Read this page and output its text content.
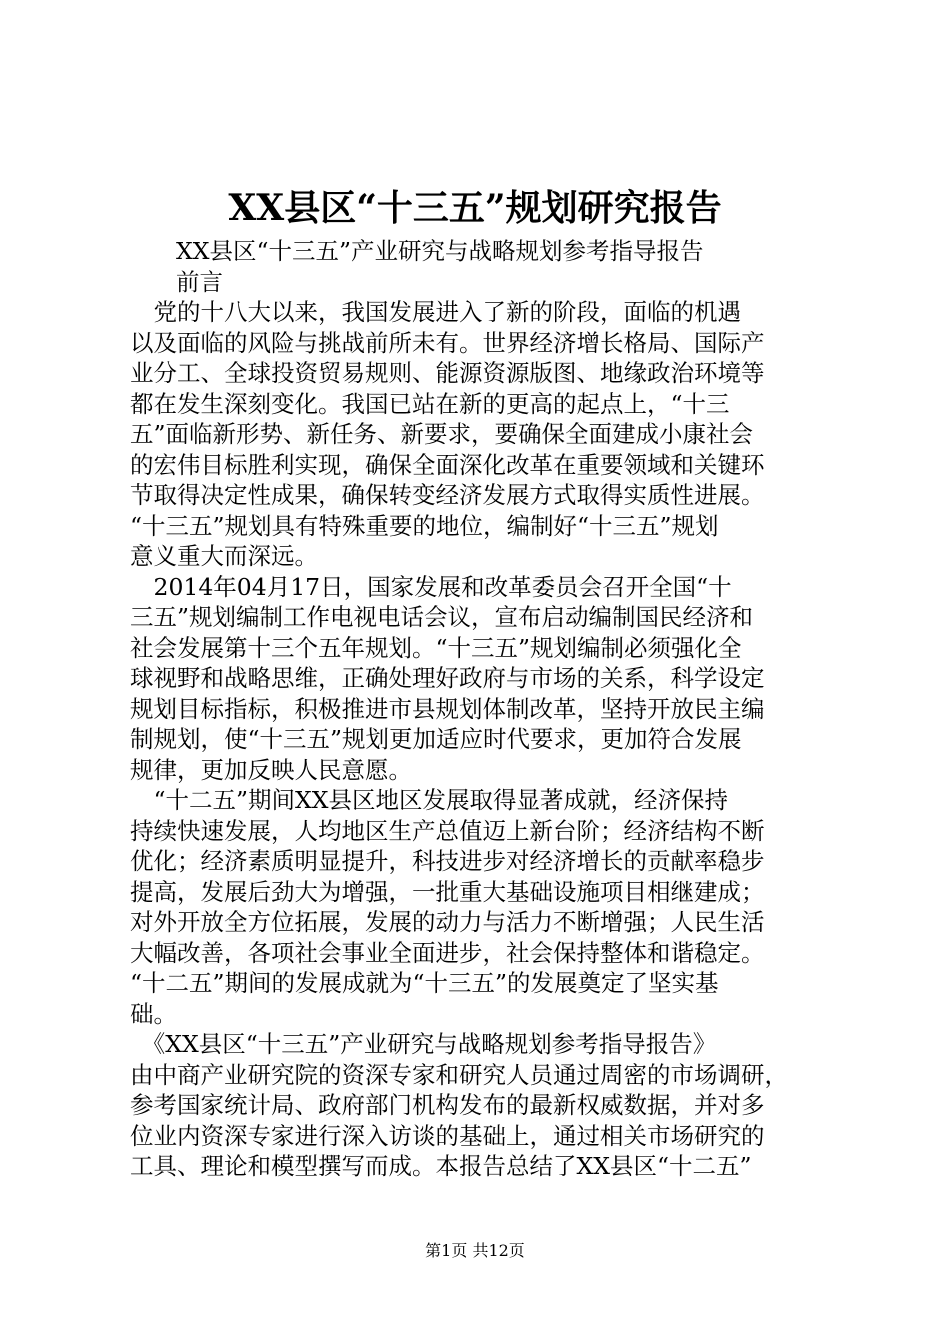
XX县区“十三五”规划研究报告
XX县区“十三五”产业研究与战略规划参考指导报告
前言
　党的十八大以来，我国发展进入了新的阶段，面临的机遇
以及面临的风险与挑战前所未有。世界经济增长格局、国际产
业分工、全球投资贸易规则、能源资源版图、地缘政治环境等
都在发生深刻变化。我国已站在新的更高的起点上，“十三
五”面临新形势、新任务、新要求，要确保全面建成小康社会
的宏伟目标胜利实现，确保全面深化改革在重要领域和关键环
节取得决定性成果，确保转变经济发展方式取得实质性进展。
“十三五”规划具有特殊重要的地位，编制好“十三五”规划
意义重大而深远。
　2014年04月17日，国家发展和改革委员会召开全国“十
三五”规划编制工作电视电话会议，宣布启动编制国民经济和
社会发展第十三个五年规划。“十三五”规划编制必须强化全
球视野和战略思维，正确处理好政府与市场的关系，科学设定
规划目标指标，积极推进市县规划体制改革，坚持开放民主编
制规划，使“十三五”规划更加适应时代要求，更加符合发展
规律，更加反映人民意愿。
　“十二五”期间XX县区地区发展取得显著成就，经济保持
持续快速发展，人均地区生产总值迈上新台阶；经济结构不断
优化；经济素质明显提升，科技进步对经济增长的贡献率稳步
提高，发展后劲大为增强，一批重大基础设施项目相继建成；
对外开放全方位拓展，发展的动力与活力不断增强；人民生活
大幅改善，各项社会事业全面进步，社会保持整体和谐稳定。
“十二五”期间的发展成就为“十三五”的发展奠定了坚实基
础。
　《XX县区“十三五”产业研究与战略规划参考指导报告》
由中商产业研究院的资深专家和研究人员通过周密的市场调研，
参考国家统计局、政府部门机构发布的最新权威数据，并对多
位业内资深专家进行深入访谈的基础上，通过相关市场研究的
工具、理论和模型撰写而成。本报告总结了XX县区“十二五”
第1页 共12页
